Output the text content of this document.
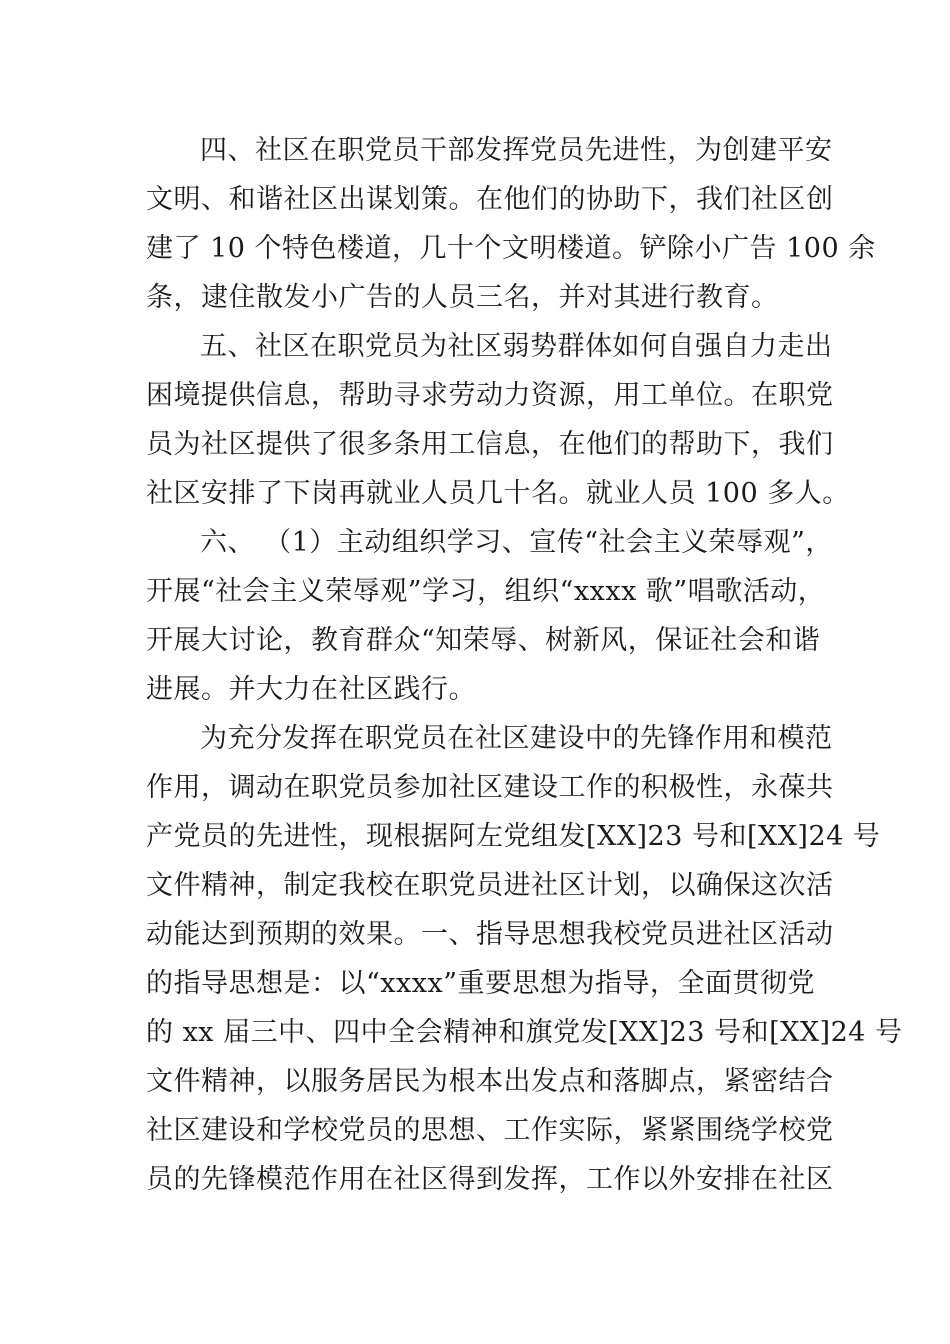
四、社区在职党员干部发挥党员先进性，为创建平安
文明、和谐社区出谋划策。在他们的协助下，我们社区创
建了 10 个特色楼道，几十个文明楼道。铲除小广告 100 余
条，逮住散发小广告的人员三名，并对其进行教育。

五、社区在职党员为社区弱势群体如何自强自力走出
困境提供信息，帮助寻求劳动力资源，用工单位。在职党
员为社区提供了很多条用工信息，在他们的帮助下，我们
社区安排了下岗再就业人员几十名。就业人员 100 多人。

六、 （1）主动组织学习、宣传“社会主义荣辱观”，
开展“社会主义荣辱观”学习，组织“xxxx 歌”唱歌活动，
开展大讨论，教育群众“知荣辱、树新风，保证社会和谐
进展。并大力在社区践行。

为充分发挥在职党员在社区建设中的先锋作用和模范
作用，调动在职党员参加社区建设工作的积极性，永葆共
产党员的先进性，现根据阿左党组发[XX]23 号和[XX]24 号
文件精神，制定我校在职党员进社区计划，以确保这次活
动能达到预期的效果。一、指导思想我校党员进社区活动
的指导思想是：以“xxxx”重要思想为指导，全面贯彻党
的 xx 届三中、四中全会精神和旗党发[XX]23 号和[XX]24 号
文件精神，以服务居民为根本出发点和落脚点，紧密结合
社区建设和学校党员的思想、工作实际，紧紧围绕学校党
员的先锋模范作用在社区得到发挥，工作以外安排在社区
